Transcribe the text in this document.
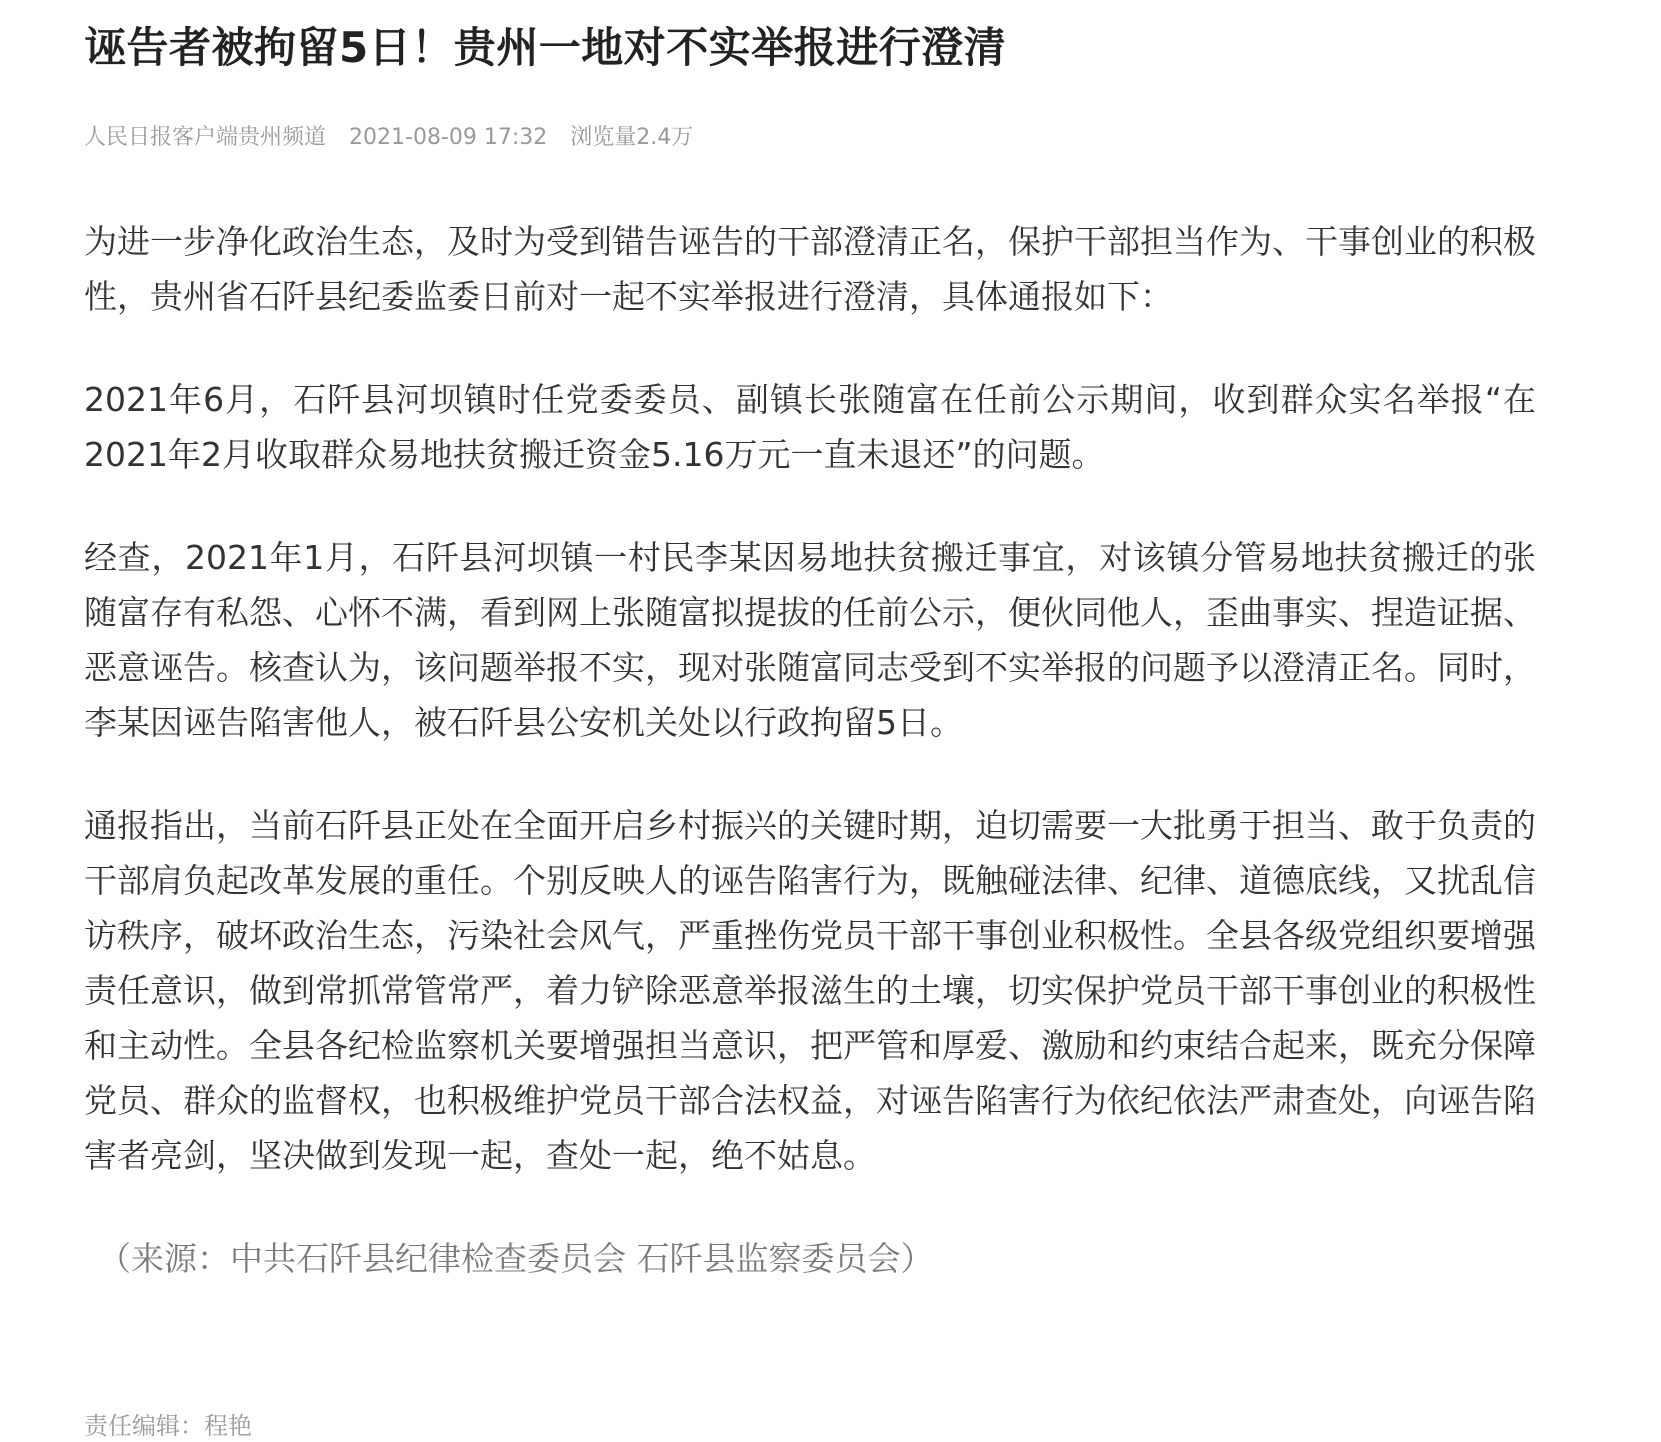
诬告者被拘留5日！贵州一地对不实举报进行澄清
人民日报客户端贵州频道 2021-08-09 17:32 浏览量2.4万

为进一步净化政治生态，及时为受到错告诬告的干部澄清正名，保护干部担当作为、干事创业的积极性，贵州省石阡县纪委监委日前对一起不实举报进行澄清，具体通报如下：

2021年6月，石阡县河坝镇时任党委委员、副镇长张随富在任前公示期间，收到群众实名举报“在2021年2月收取群众易地扶贫搬迁资金5.16万元一直未退还”的问题。

经查，2021年1月，石阡县河坝镇一村民李某因易地扶贫搬迁事宜，对该镇分管易地扶贫搬迁的张随富存有私怨、心怀不满，看到网上张随富拟提拔的任前公示，便伙同他人，歪曲事实、捏造证据、恶意诬告。核查认为，该问题举报不实，现对张随富同志受到不实举报的问题予以澄清正名。同时，李某因诬告陷害他人，被石阡县公安机关处以行政拘留5日。

通报指出，当前石阡县正处在全面开启乡村振兴的关键时期，迫切需要一大批勇于担当、敢于负责的干部肩负起改革发展的重任。个别反映人的诬告陷害行为，既触碰法律、纪律、道德底线，又扰乱信访秩序，破坏政治生态，污染社会风气，严重挫伤党员干部干事创业积极性。全县各级党组织要增强责任意识，做到常抓常管常严，着力铲除恶意举报滋生的土壤，切实保护党员干部干事创业的积极性和主动性。全县各纪检监察机关要增强担当意识，把严管和厚爱、激励和约束结合起来，既充分保障党员、群众的监督权，也积极维护党员干部合法权益，对诬告陷害行为依纪依法严肃查处，向诬告陷害者亮剑，坚决做到发现一起，查处一起，绝不姑息。

（来源：中共石阡县纪律检查委员会 石阡县监察委员会）
责任编辑：程艳
